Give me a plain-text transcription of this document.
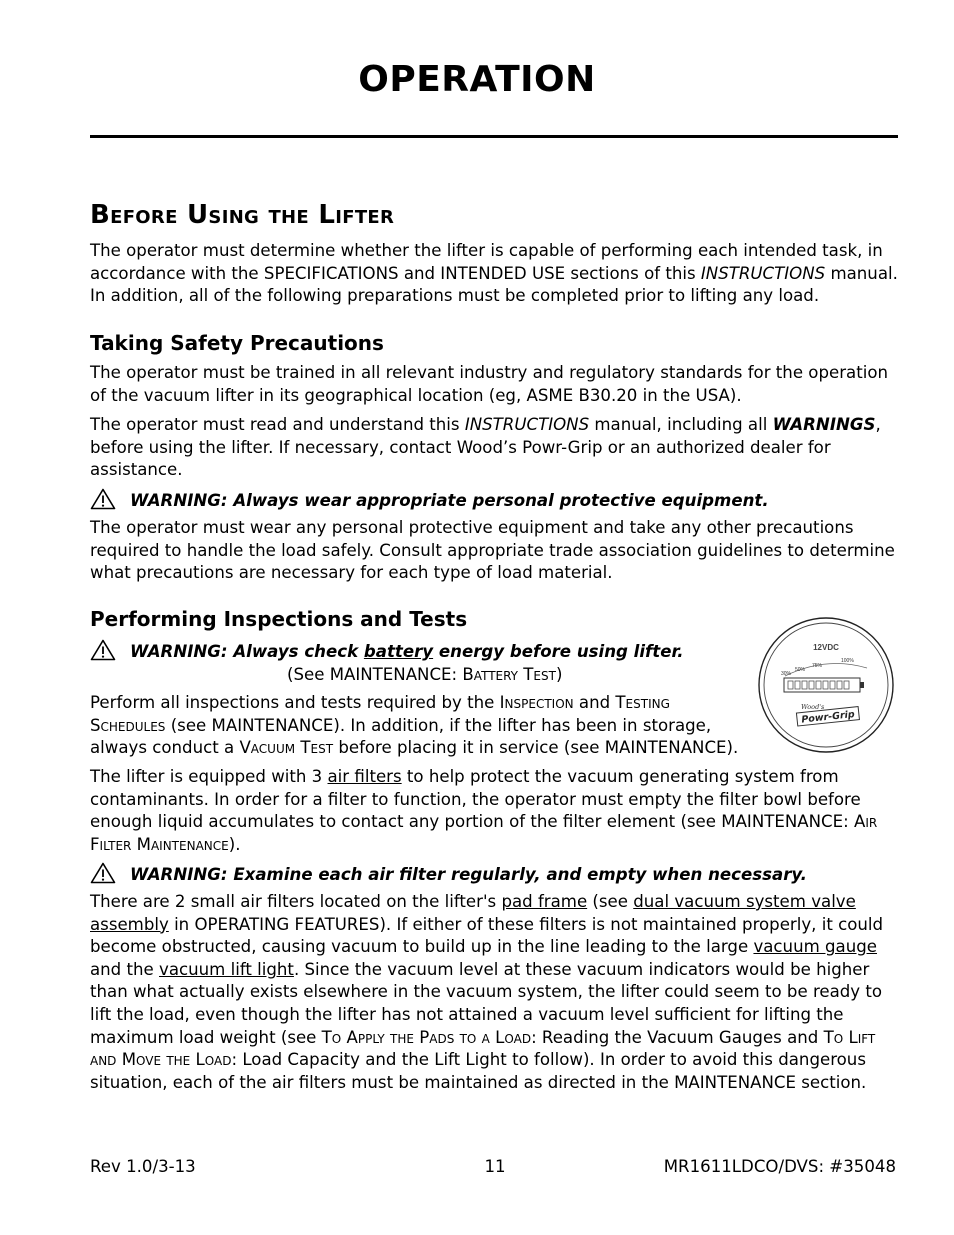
OPERATION
Before Using the Lifter

The operator must determine whether the lifter is capable of performing each intended task, in accordance with the SPECIFICATIONS and INTENDED USE sections of this INSTRUCTIONS manual. In addition, all of the following preparations must be completed prior to lifting any load.

Taking Safety Precautions

The operator must be trained in all relevant industry and regulatory standards for the operation of the vacuum lifter in its geographical location (eg, ASME B30.20 in the USA).

The operator must read and understand this INSTRUCTIONS manual, including all WARNINGS, before using the lifter. If necessary, contact Wood’s Powr-Grip or an authorized dealer for assistance.

WARNING: Always wear appropriate personal protective equipment.

The operator must wear any personal protective equipment and take any other precautions required to handle the load safely. Consult appropriate trade association guidelines to determine what precautions are necessary for each type of load material.

Performing Inspections and Tests
WARNING: Always check battery energy before using lifter.
(See MAINTENANCE: Battery Test)

Perform all inspections and tests required by the Inspection and Testing Schedules (see MAINTENANCE). In addition, if the lifter has been in storage, always conduct a Vacuum Test before placing it in service (see MAINTENANCE).

12VDC
30%
50%
75%
100%
Wood's
Powr-Grip

The lifter is equipped with 3 air filters to help protect the vacuum generating system from contaminants. In order for a filter to function, the operator must empty the filter bowl before enough liquid accumulates to contact any portion of the filter element (see MAINTENANCE: Air Filter Maintenance).

WARNING: Examine each air filter regularly, and empty when necessary.

There are 2 small air filters located on the lifter's pad frame (see dual vacuum system valve assembly in OPERATING FEATURES). If either of these filters is not maintained properly, it could become obstructed, causing vacuum to build up in the line leading to the large vacuum gauge and the vacuum lift light. Since the vacuum level at these vacuum indicators would be higher than what actually exists elsewhere in the vacuum system, the lifter could seem to be ready to lift the load, even though the lifter has not attained a vacuum level sufficient for lifting the maximum load weight (see To Apply the Pads to a Load: Reading the Vacuum Gauges and To Lift and Move the Load: Load Capacity and the Lift Light to follow). In order to avoid this dangerous situation, each of the air filters must be maintained as directed in the MAINTENANCE section.

Rev 1.0/3-13	11	MR1611LDCO/DVS: #35048
